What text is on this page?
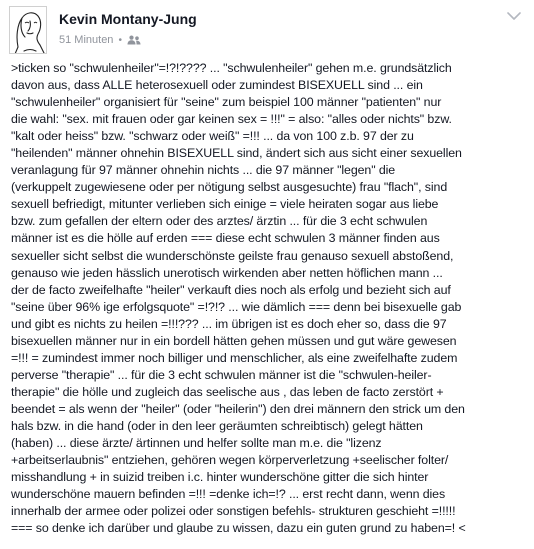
Kevin Montany-Jung
51 Minuten •
>ticken so "schwulenheiler"=!?!???? ... "schwulenheiler" gehen m.e. grundsätzlich
davon aus, dass ALLE heterosexuell oder zumindest BISEXUELL sind ... ein
"schwulenheiler" organisiert für "seine" zum beispiel 100 männer "patienten" nur
die wahl: "sex. mit frauen oder gar keinen sex = !!!" = also: "alles oder nichts" bzw.
"kalt oder heiss" bzw. "schwarz oder weiß" =!!! ... da von 100 z.b. 97 der zu
"heilenden" männer ohnehin BISEXUELL sind, ändert sich aus sicht einer sexuellen
veranlagung für 97 männer ohnehin nichts ... die 97 männer "legen" die
(verkuppelt zugewiesene oder per nötigung selbst ausgesuchte) frau "flach", sind
sexuell befriedigt, mitunter verlieben sich einige = viele heiraten sogar aus liebe
bzw. zum gefallen der eltern oder des arztes/ ärztin ... für die 3 echt schwulen
männer ist es die hölle auf erden === diese echt schwulen 3 männer finden aus
sexueller sicht selbst die wunderschönste geilste frau genauso sexuell abstoßend,
genauso wie jeden hässlich unerotisch wirkenden aber netten höflichen mann ...
der de facto zweifelhafte "heiler" verkauft dies noch als erfolg und bezieht sich auf
"seine über 96% ige erfolgsquote" =!?!? ... wie dämlich === denn bei bisexuelle gab
und gibt es nichts zu heilen =!!!??? ... im übrigen ist es doch eher so, dass die 97
bisexuellen männer nur in ein bordell hätten gehen müssen und gut wäre gewesen
=!!! = zumindest immer noch billiger und menschlicher, als eine zweifelhafte zudem
perverse "therapie" ... für die 3 echt schwulen männer ist die "schwulen-heiler-
therapie" die hölle und zugleich das seelische aus , das leben de facto zerstört +
beendet = als wenn der "heiler" (oder "heilerin") den drei männern den strick um den
hals bzw. in die hand (oder in den leer geräumten schreibtisch) gelegt hätten
(haben) ... diese ärzte/ ärtinnen und helfer sollte man m.e. die "lizenz
+arbeitserlaubnis" entziehen, gehören wegen körperverletzung +seelischer folter/
misshandlung + in suizid treiben i.c. hinter wunderschöne gitter die sich hinter
wunderschöne mauern befinden =!!! =denke ich=!? ... erst recht dann, wenn dies
innerhalb der armee oder polizei oder sonstigen befehls- strukturen geschieht =!!!!!
=== so denke ich darüber und glaube zu wissen, dazu ein guten grund zu haben=! <
